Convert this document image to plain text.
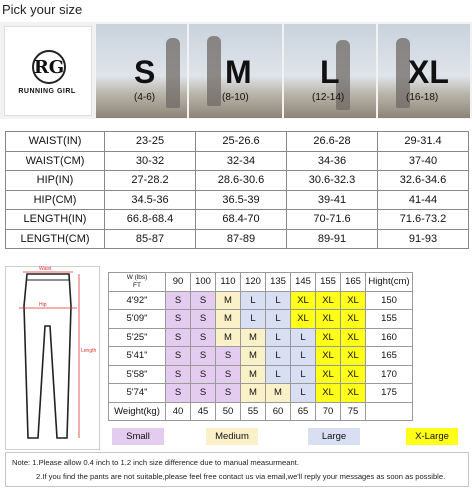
Pick your size
RG
RUNNING GIRL
S
(4-6)
M
(8-10)
L
(12-14)
XL
(16-18)
WAIST(IN)	23-25	25-26.6	26.6-28	29-31.4
WAIST(CM)	30-32	32-34	34-36	37-40
HIP(IN)	27-28.2	28.6-30.6	30.6-32.3	32.6-34.6
HIP(CM)	34.5-36	36.5-39	39-41	41-44
LENGTH(IN)	66.8-68.4	68.4-70	70-71.6	71.6-73.2
LENGTH(CM)	85-87	87-89	89-91	91-93
Waist
Hip
Length
W (lbs)
FT	90	100	110	120	135	145	155	165	Hight(cm)
4'92"	S	S	M	L	L	XL	XL	XL	150
5'09"	S	S	M	L	L	XL	XL	XL	155
5'25"	S	S	M	M	L	L	XL	XL	160
5'41"	S	S	S	M	L	L	XL	XL	165
5'58"	S	S	S	M	L	L	XL	XL	170
5'74"	S	S	S	M	M	L	XL	XL	175
Weight(kg)	40	45	50	55	60	65	70	75	
Small	Medium	Large	X-Large
Note: 1.Please allow 0.4 inch to 1.2 inch size difference due to manual measurmeant.
2.If you find the pants are not suitable,please feel free contact us via email,we'll reply your messages as soon as possible.
